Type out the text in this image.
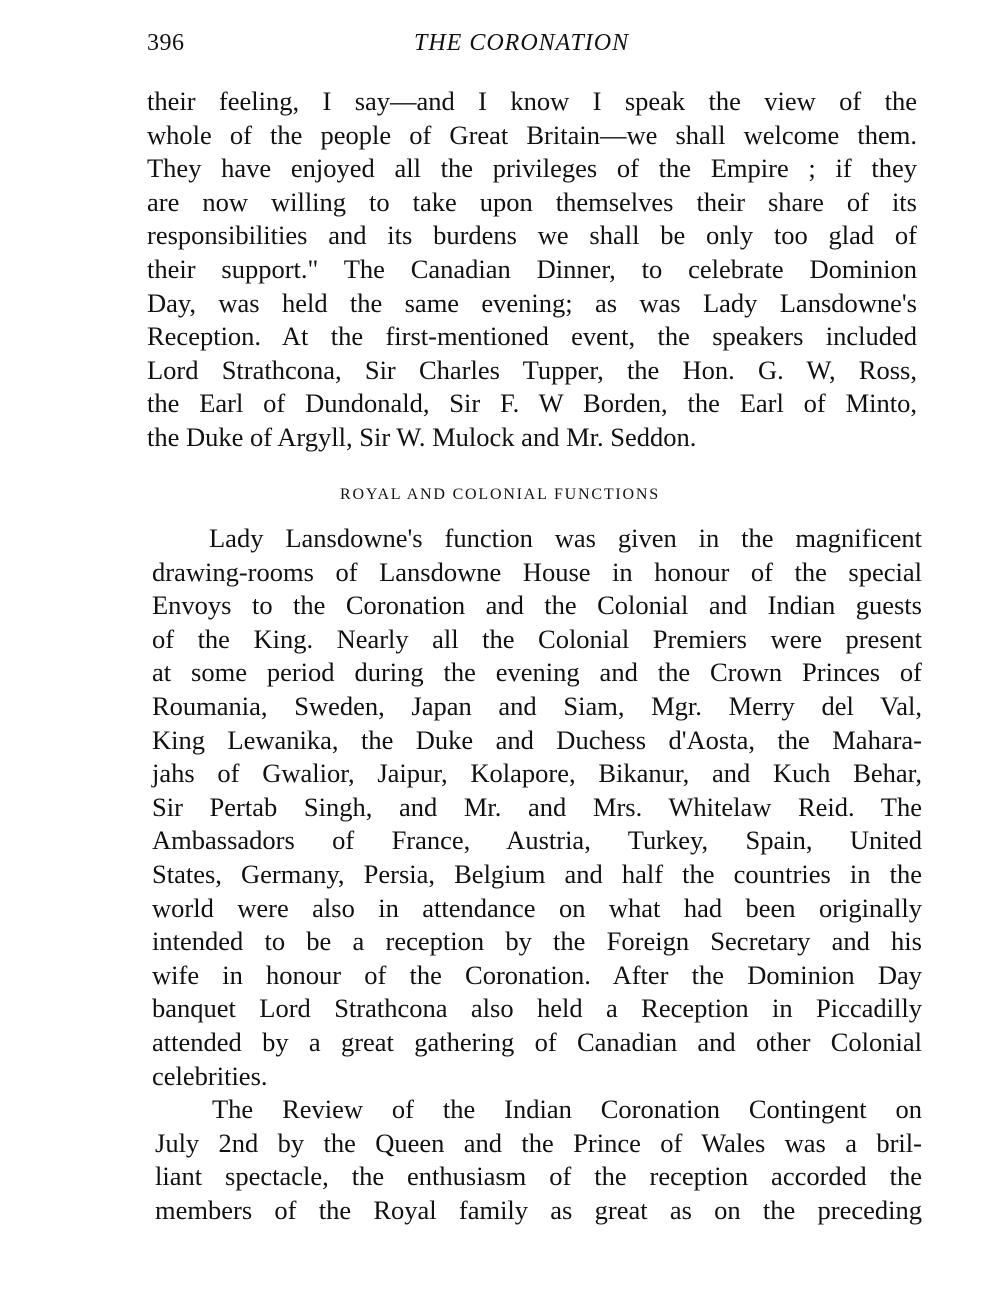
396	THE CORONATION
their feeling, I say—and I know I speak the view of the
whole of the people of Great Britain—we shall welcome them.
They have enjoyed all the privileges of the Empire ; if they
are now willing to take upon themselves their share of its
responsibilities and its burdens we shall be only too glad of
their support." The Canadian Dinner, to celebrate Dominion
Day, was held the same evening; as was Lady Lansdowne's
Reception. At the first-mentioned event, the speakers included
Lord Strathcona, Sir Charles Tupper, the Hon. G. W, Ross,
the Earl of Dundonald, Sir F. W Borden, the Earl of Minto,
the Duke of Argyll, Sir W. Mulock and Mr. Seddon.
ROYAL AND COLONIAL FUNCTIONS
Lady Lansdowne's function was given in the magnificent
drawing-rooms of Lansdowne House in honour of the special
Envoys to the Coronation and the Colonial and Indian guests
of the King. Nearly all the Colonial Premiers were present
at some period during the evening and the Crown Princes of
Roumania, Sweden, Japan and Siam, Mgr. Merry del Val,
King Lewanika, the Duke and Duchess d'Aosta, the Mahara-
jahs of Gwalior, Jaipur, Kolapore, Bikanur, and Kuch Behar,
Sir Pertab Singh, and Mr. and Mrs. Whitelaw Reid. The
Ambassadors of France, Austria, Turkey, Spain, United
States, Germany, Persia, Belgium and half the countries in the
world were also in attendance on what had been originally
intended to be a reception by the Foreign Secretary and his
wife in honour of the Coronation. After the Dominion Day
banquet Lord Strathcona also held a Reception in Piccadilly
attended by a great gathering of Canadian and other Colonial
celebrities.
The Review of the Indian Coronation Contingent on
July 2nd by the Queen and the Prince of Wales was a bril-
liant spectacle, the enthusiasm of the reception accorded the
members of the Royal family as great as on the preceding
